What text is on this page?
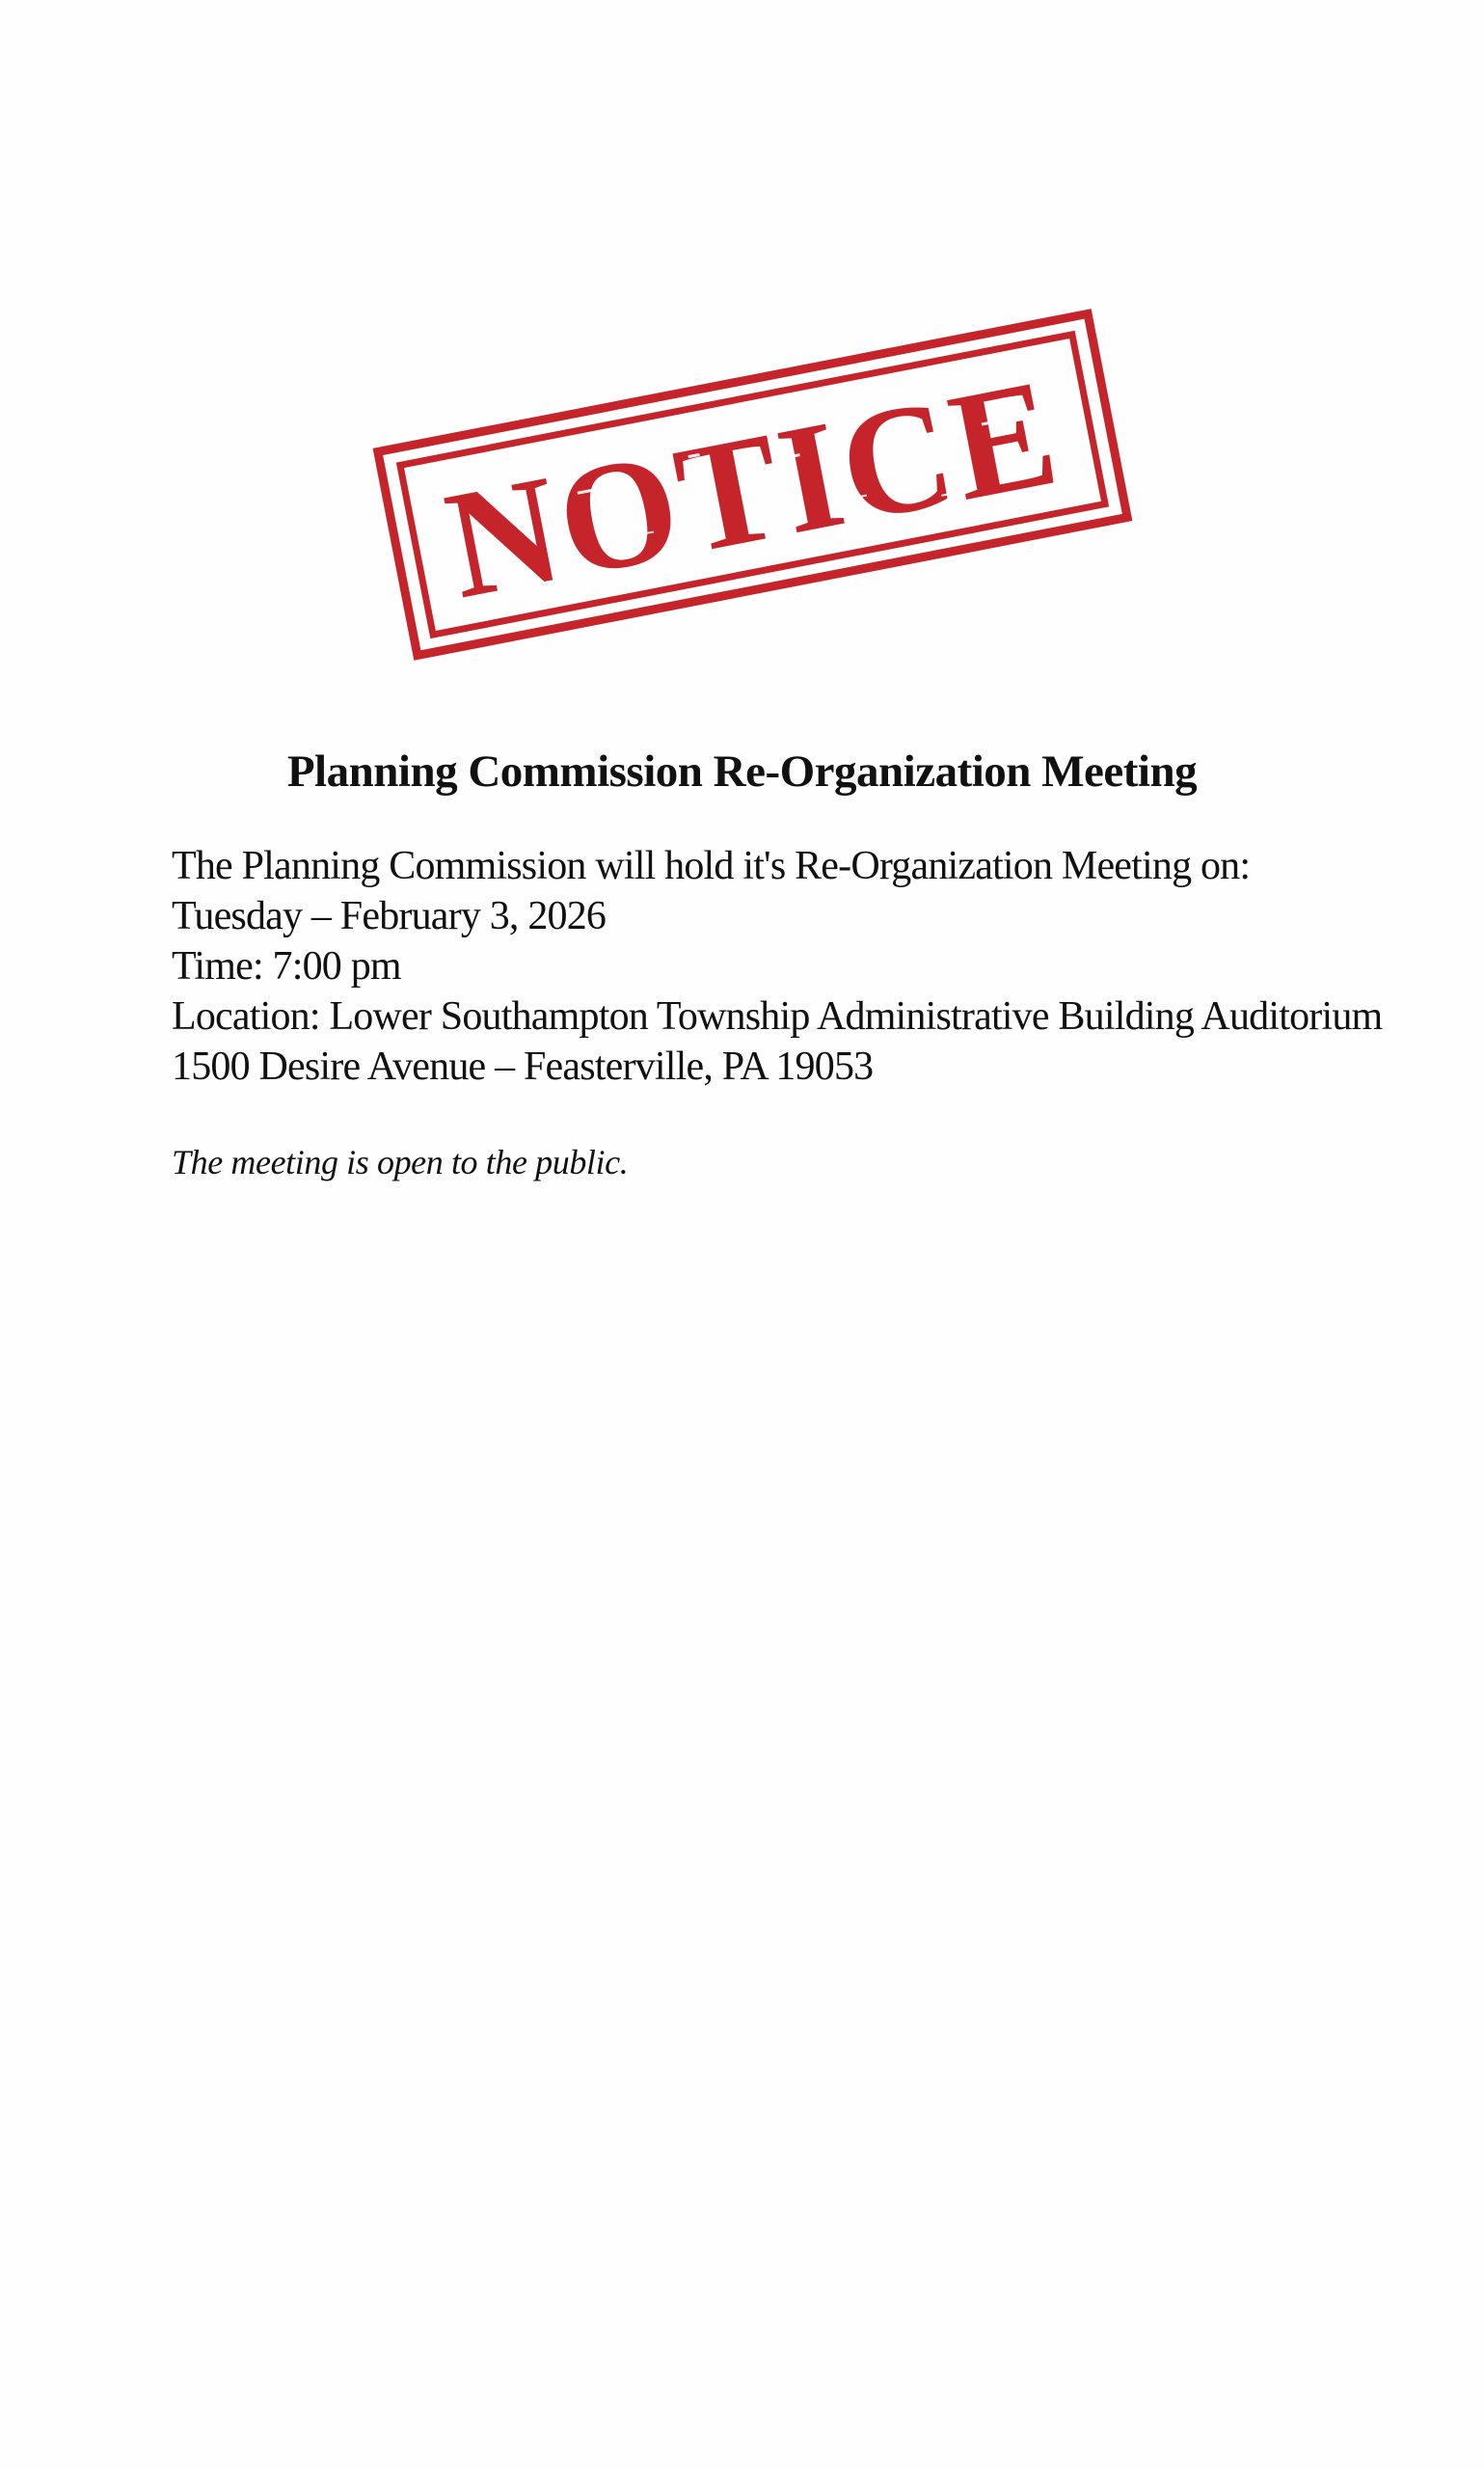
NOTICE
Planning Commission Re-Organization Meeting
The Planning Commission will hold it's Re-Organization Meeting on:
Tuesday – February 3, 2026
Time: 7:00 pm
Location: Lower Southampton Township Administrative Building Auditorium
1500 Desire Avenue – Feasterville, PA 19053
The meeting is open to the public.
